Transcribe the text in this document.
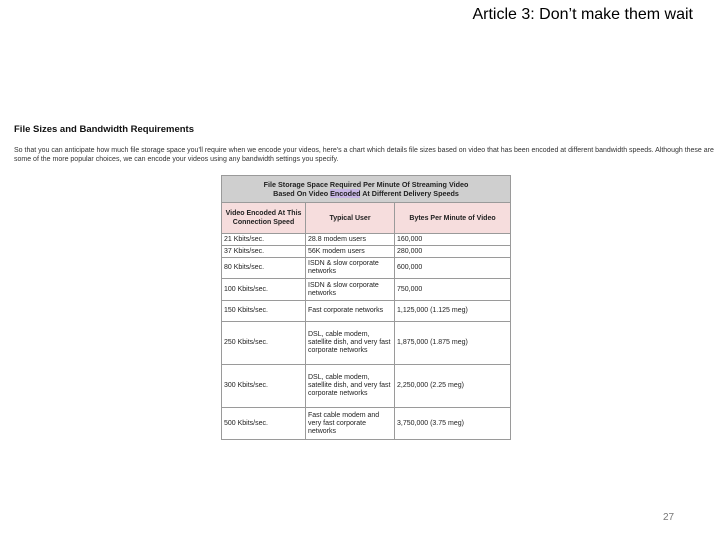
Article 3: Don’t make them wait
File Sizes and Bandwidth Requirements
So that you can anticipate how much file storage space you'll require when we encode your videos, here's a chart which details file sizes based on video that has been encoded at different bandwidth speeds. Although these are some of the more popular choices, we can encode your videos using any bandwidth settings you specify.
File Storage Space Required Per Minute Of Streaming Video
Based On Video Encoded At Different Delivery Speeds		
Video Encoded At This Connection Speed	Typical User	Bytes Per Minute of Video
21 Kbits/sec.	28.8 modem users	160,000
37 Kbits/sec.	56K modem users	280,000
80 Kbits/sec.	ISDN & slow corporate networks	600,000
100 Kbits/sec.	ISDN & slow corporate networks	750,000
150 Kbits/sec.	Fast corporate networks	1,125,000 (1.125 meg)
250 Kbits/sec.	DSL, cable modem, satellite dish, and very fast corporate networks	1,875,000 (1.875 meg)
300 Kbits/sec.	DSL, cable modem, satellite dish, and very fast corporate networks	2,250,000 (2.25 meg)
500 Kbits/sec.	Fast cable modem and very fast corporate networks	3,750,000 (3.75 meg)
27
